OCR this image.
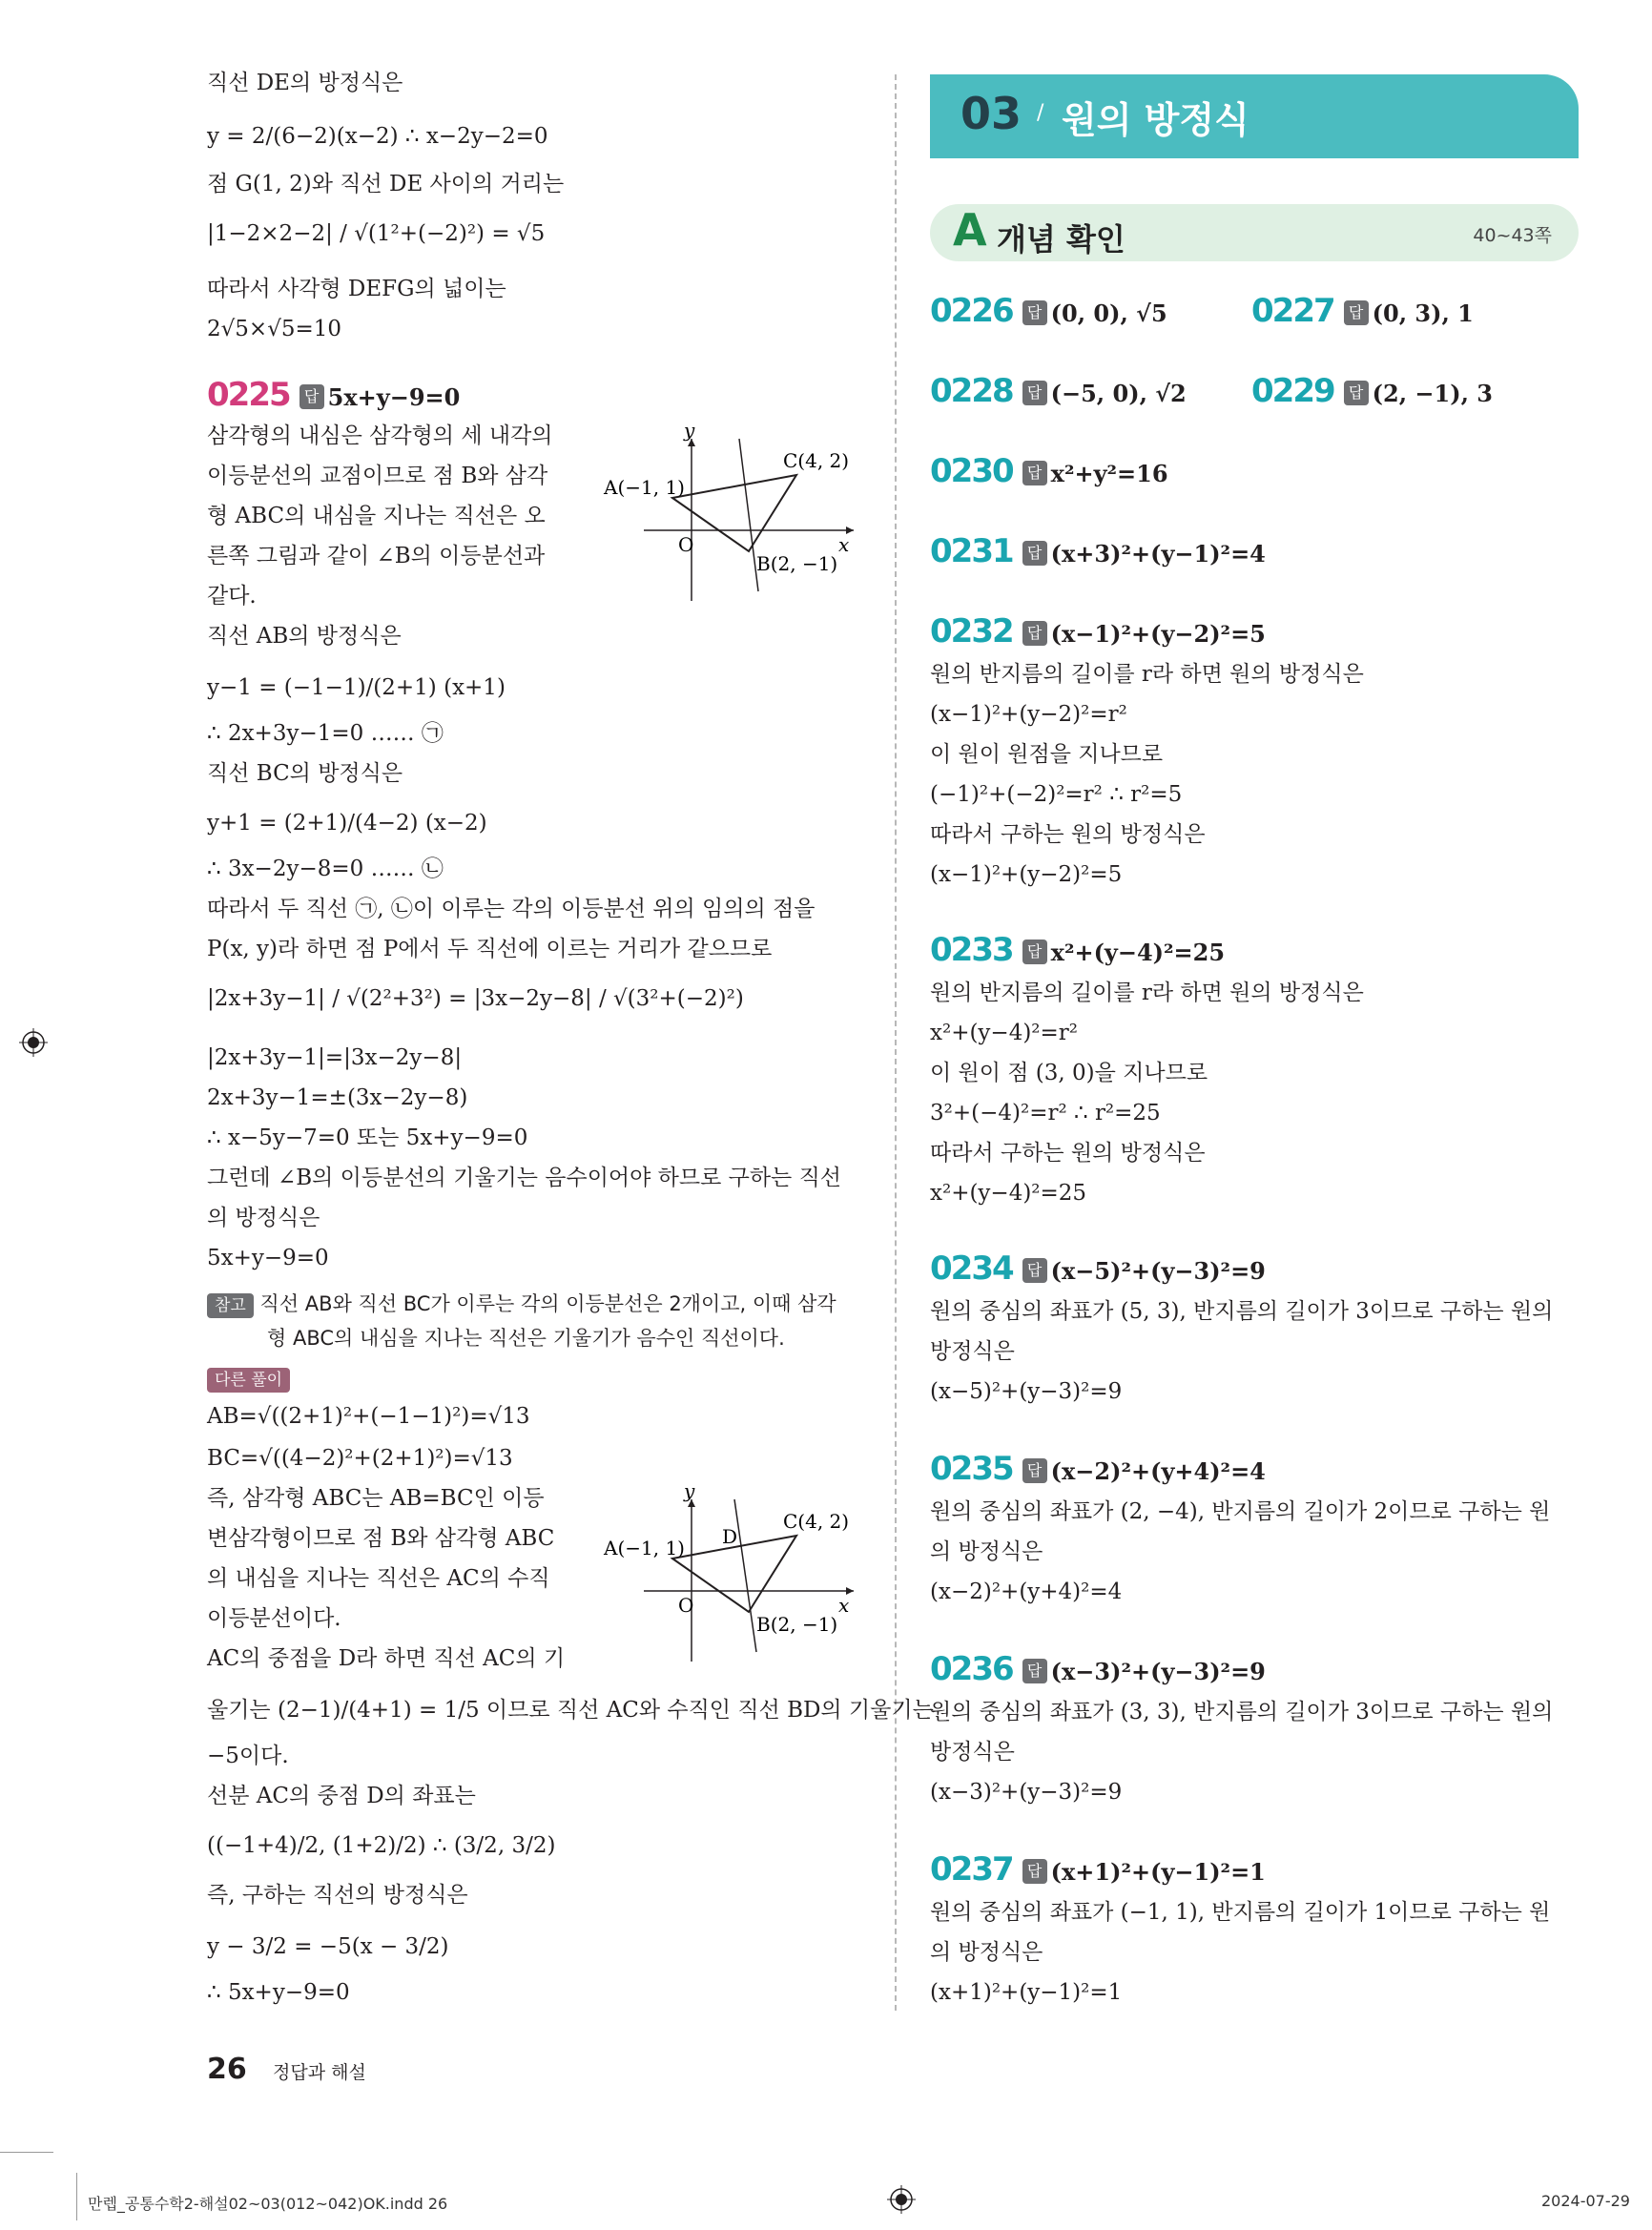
직선 DE의 방정식은
y = 2/(6−2)(x−2) ∴ x−2y−2=0
점 G(1, 2)와 직선 DE 사이의 거리는
|1−2×2−2| / √(1²+(−2)²) = √5
따라서 사각형 DEFG의 넓이는
2√5×√5=10
0225 답 5x+y−9=0
삼각형의 내심은 삼각형의 세 내각의
이등분선의 교점이므로 점 B와 삼각
형 ABC의 내심을 지나는 직선은 오
른쪽 그림과 같이 ∠B의 이등분선과
같다.
y
x
O
A(−1, 1)
C(4, 2)
B(2, −1)
직선 AB의 방정식은
y−1 = (−1−1)/(2+1) (x+1)
∴ 2x+3y−1=0 …… ㉠
직선 BC의 방정식은
y+1 = (2+1)/(4−2) (x−2)
∴ 3x−2y−8=0 …… ㉡
따라서 두 직선 ㉠, ㉡이 이루는 각의 이등분선 위의 임의의 점을
P(x, y)라 하면 점 P에서 두 직선에 이르는 거리가 같으므로
|2x+3y−1| / √(2²+3²) = |3x−2y−8| / √(3²+(−2)²)
|2x+3y−1|=|3x−2y−8|
2x+3y−1=±(3x−2y−8)
∴ x−5y−7=0 또는 5x+y−9=0
그런데 ∠B의 이등분선의 기울기는 음수이어야 하므로 구하는 직선
의 방정식은
5x+y−9=0
참고 직선 AB와 직선 BC가 이루는 각의 이등분선은 2개이고, 이때 삼각
형 ABC의 내심을 지나는 직선은 기울기가 음수인 직선이다.
다른 풀이
AB=√((2+1)²+(−1−1)²)=√13
BC=√((4−2)²+(2+1)²)=√13
즉, 삼각형 ABC는 AB=BC인 이등
변삼각형이므로 점 B와 삼각형 ABC
의 내심을 지나는 직선은 AC의 수직
이등분선이다.
AC의 중점을 D라 하면 직선 AC의 기
울기는 (2−1)/(4+1) = 1/5 이므로 직선 AC와 수직인 직선 BD의 기울기는
−5이다.
선분 AC의 중점 D의 좌표는
((−1+4)/2, (1+2)/2) ∴ (3/2, 3/2)
즉, 구하는 직선의 방정식은
y − 3/2 = −5(x − 3/2)
∴ 5x+y−9=0
y
x
O
A(−1, 1) D
C(4, 2)
B(2, −1)
03 / 원의 방정식
A 개념 확인	40~43쪽
0226 답 (0, 0), √5	0227 답 (0, 3), 1
0228 답 (−5, 0), √2 0229 답 (2, −1), 3
0230 답 x²+y²=16
0231 답 (x+3)²+(y−1)²=4
0232 답 (x−1)²+(y−2)²=5
원의 반지름의 길이를 r라 하면 원의 방정식은
(x−1)²+(y−2)²=r²
이 원이 원점을 지나므로
(−1)²+(−2)²=r² ∴ r²=5
따라서 구하는 원의 방정식은
(x−1)²+(y−2)²=5
0233 답 x²+(y−4)²=25
원의 반지름의 길이를 r라 하면 원의 방정식은
x²+(y−4)²=r²
이 원이 점 (3, 0)을 지나므로
3²+(−4)²=r² ∴ r²=25
따라서 구하는 원의 방정식은
x²+(y−4)²=25
0234 답 (x−5)²+(y−3)²=9
원의 중심의 좌표가 (5, 3), 반지름의 길이가 3이므로 구하는 원의
방정식은
(x−5)²+(y−3)²=9
0235 답 (x−2)²+(y+4)²=4
원의 중심의 좌표가 (2, −4), 반지름의 길이가 2이므로 구하는 원
의 방정식은
(x−2)²+(y+4)²=4
0236 답 (x−3)²+(y−3)²=9
원의 중심의 좌표가 (3, 3), 반지름의 길이가 3이므로 구하는 원의
방정식은
(x−3)²+(y−3)²=9
0237 답 (x+1)²+(y−1)²=1
원의 중심의 좌표가 (−1, 1), 반지름의 길이가 1이므로 구하는 원
의 방정식은
(x+1)²+(y−1)²=1
26 정답과 해설
만렙_공통수학2-해설02~03(012~042)OK.indd 26	2024-07-29
